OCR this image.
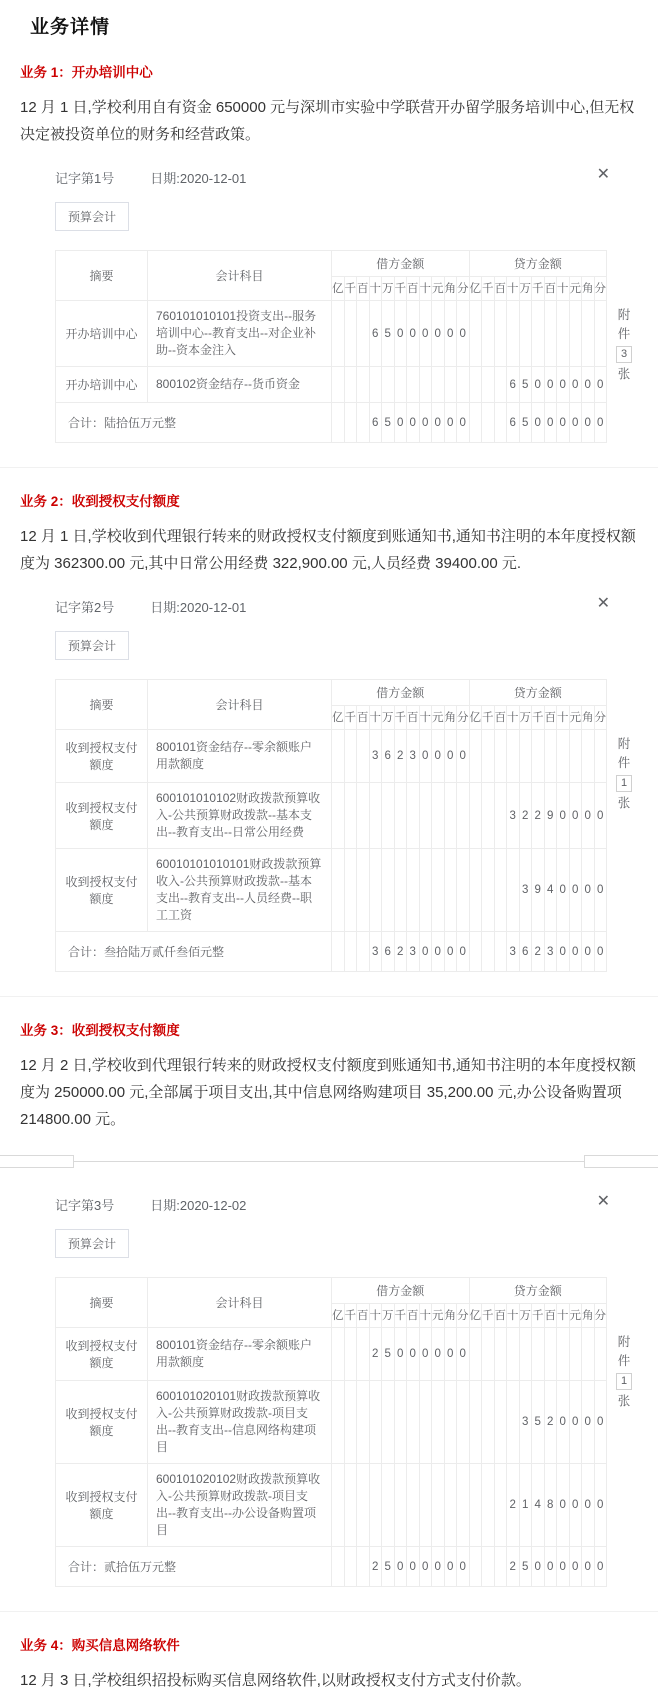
业务详情
业务 1：开办培训中心
12 月 1 日,学校利用自有资金 650000 元与深圳市实验中学联营开办留学服务培训中心,但无权决定被投资单位的财务和经营政策。
记字第1号	日期:2020-12-01	✕
预算会计
摘要	会计科目	借方金额											贷方金额										
		亿	千	百	十	万	千	百	十	元	角	分	亿	千	百	十	万	千	百	十	元	角	分
开办培训中心	760101010101投资支出--服务培训中心--教育支出--对企业补助--资本金注入				6	5	0	0	0	0	0	0											
开办培训中心	800102资金结存--货币资金															6	5	0	0	0	0	0	0
合计：陆拾伍万元整					6	5	0	0	0	0	0	0				6	5	0	0	0	0	0	0
附
件
3
张
业务 2：收到授权支付额度
12 月 1 日,学校收到代理银行转来的财政授权支付额度到账通知书,通知书注明的本年度授权额度为 362300.00 元,其中日常公用经费 322,900.00 元,人员经费 39400.00 元.
记字第2号	日期:2020-12-01	✕
预算会计
摘要	会计科目	借方金额											贷方金额										
		亿	千	百	十	万	千	百	十	元	角	分	亿	千	百	十	万	千	百	十	元	角	分
收到授权支付额度	800101资金结存--零余额账户用款额度				3	6	2	3	0	0	0	0											
收到授权支付额度	600101010102财政拨款预算收入-公共预算财政拨款--基本支出--教育支出--日常公用经费															3	2	2	9	0	0	0	0
收到授权支付额度	60010101010101财政拨款预算收入-公共预算财政拨款--基本支出--教育支出--人员经费--职工工资																3	9	4	0	0	0	0
合计：叁拾陆万贰仟叁佰元整					3	6	2	3	0	0	0	0				3	6	2	3	0	0	0	0
附
件
1
张
业务 3：收到授权支付额度
12 月 2 日,学校收到代理银行转来的财政授权支付额度到账通知书,通知书注明的本年度授权额度为 250000.00 元,全部属于项目支出,其中信息网络购建项目 35,200.00 元,办公设备购置项 214800.00 元。
记字第3号	日期:2020-12-02	✕
预算会计
摘要	会计科目	借方金额											贷方金额										
		亿	千	百	十	万	千	百	十	元	角	分	亿	千	百	十	万	千	百	十	元	角	分
收到授权支付额度	800101资金结存--零余额账户用款额度				2	5	0	0	0	0	0	0											
收到授权支付额度	600101020101财政拨款预算收入-公共预算财政拨款-项目支出--教育支出--信息网络构建项目																3	5	2	0	0	0	0
收到授权支付额度	600101020102财政拨款预算收入-公共预算财政拨款-项目支出--教育支出--办公设备购置项目															2	1	4	8	0	0	0	0
合计：贰拾伍万元整					2	5	0	0	0	0	0	0				2	5	0	0	0	0	0	0
附
件
1
张
业务 4：购买信息网络软件
12 月 3 日,学校组织招投标购买信息网络软件,以财政授权支付方式支付价款。
